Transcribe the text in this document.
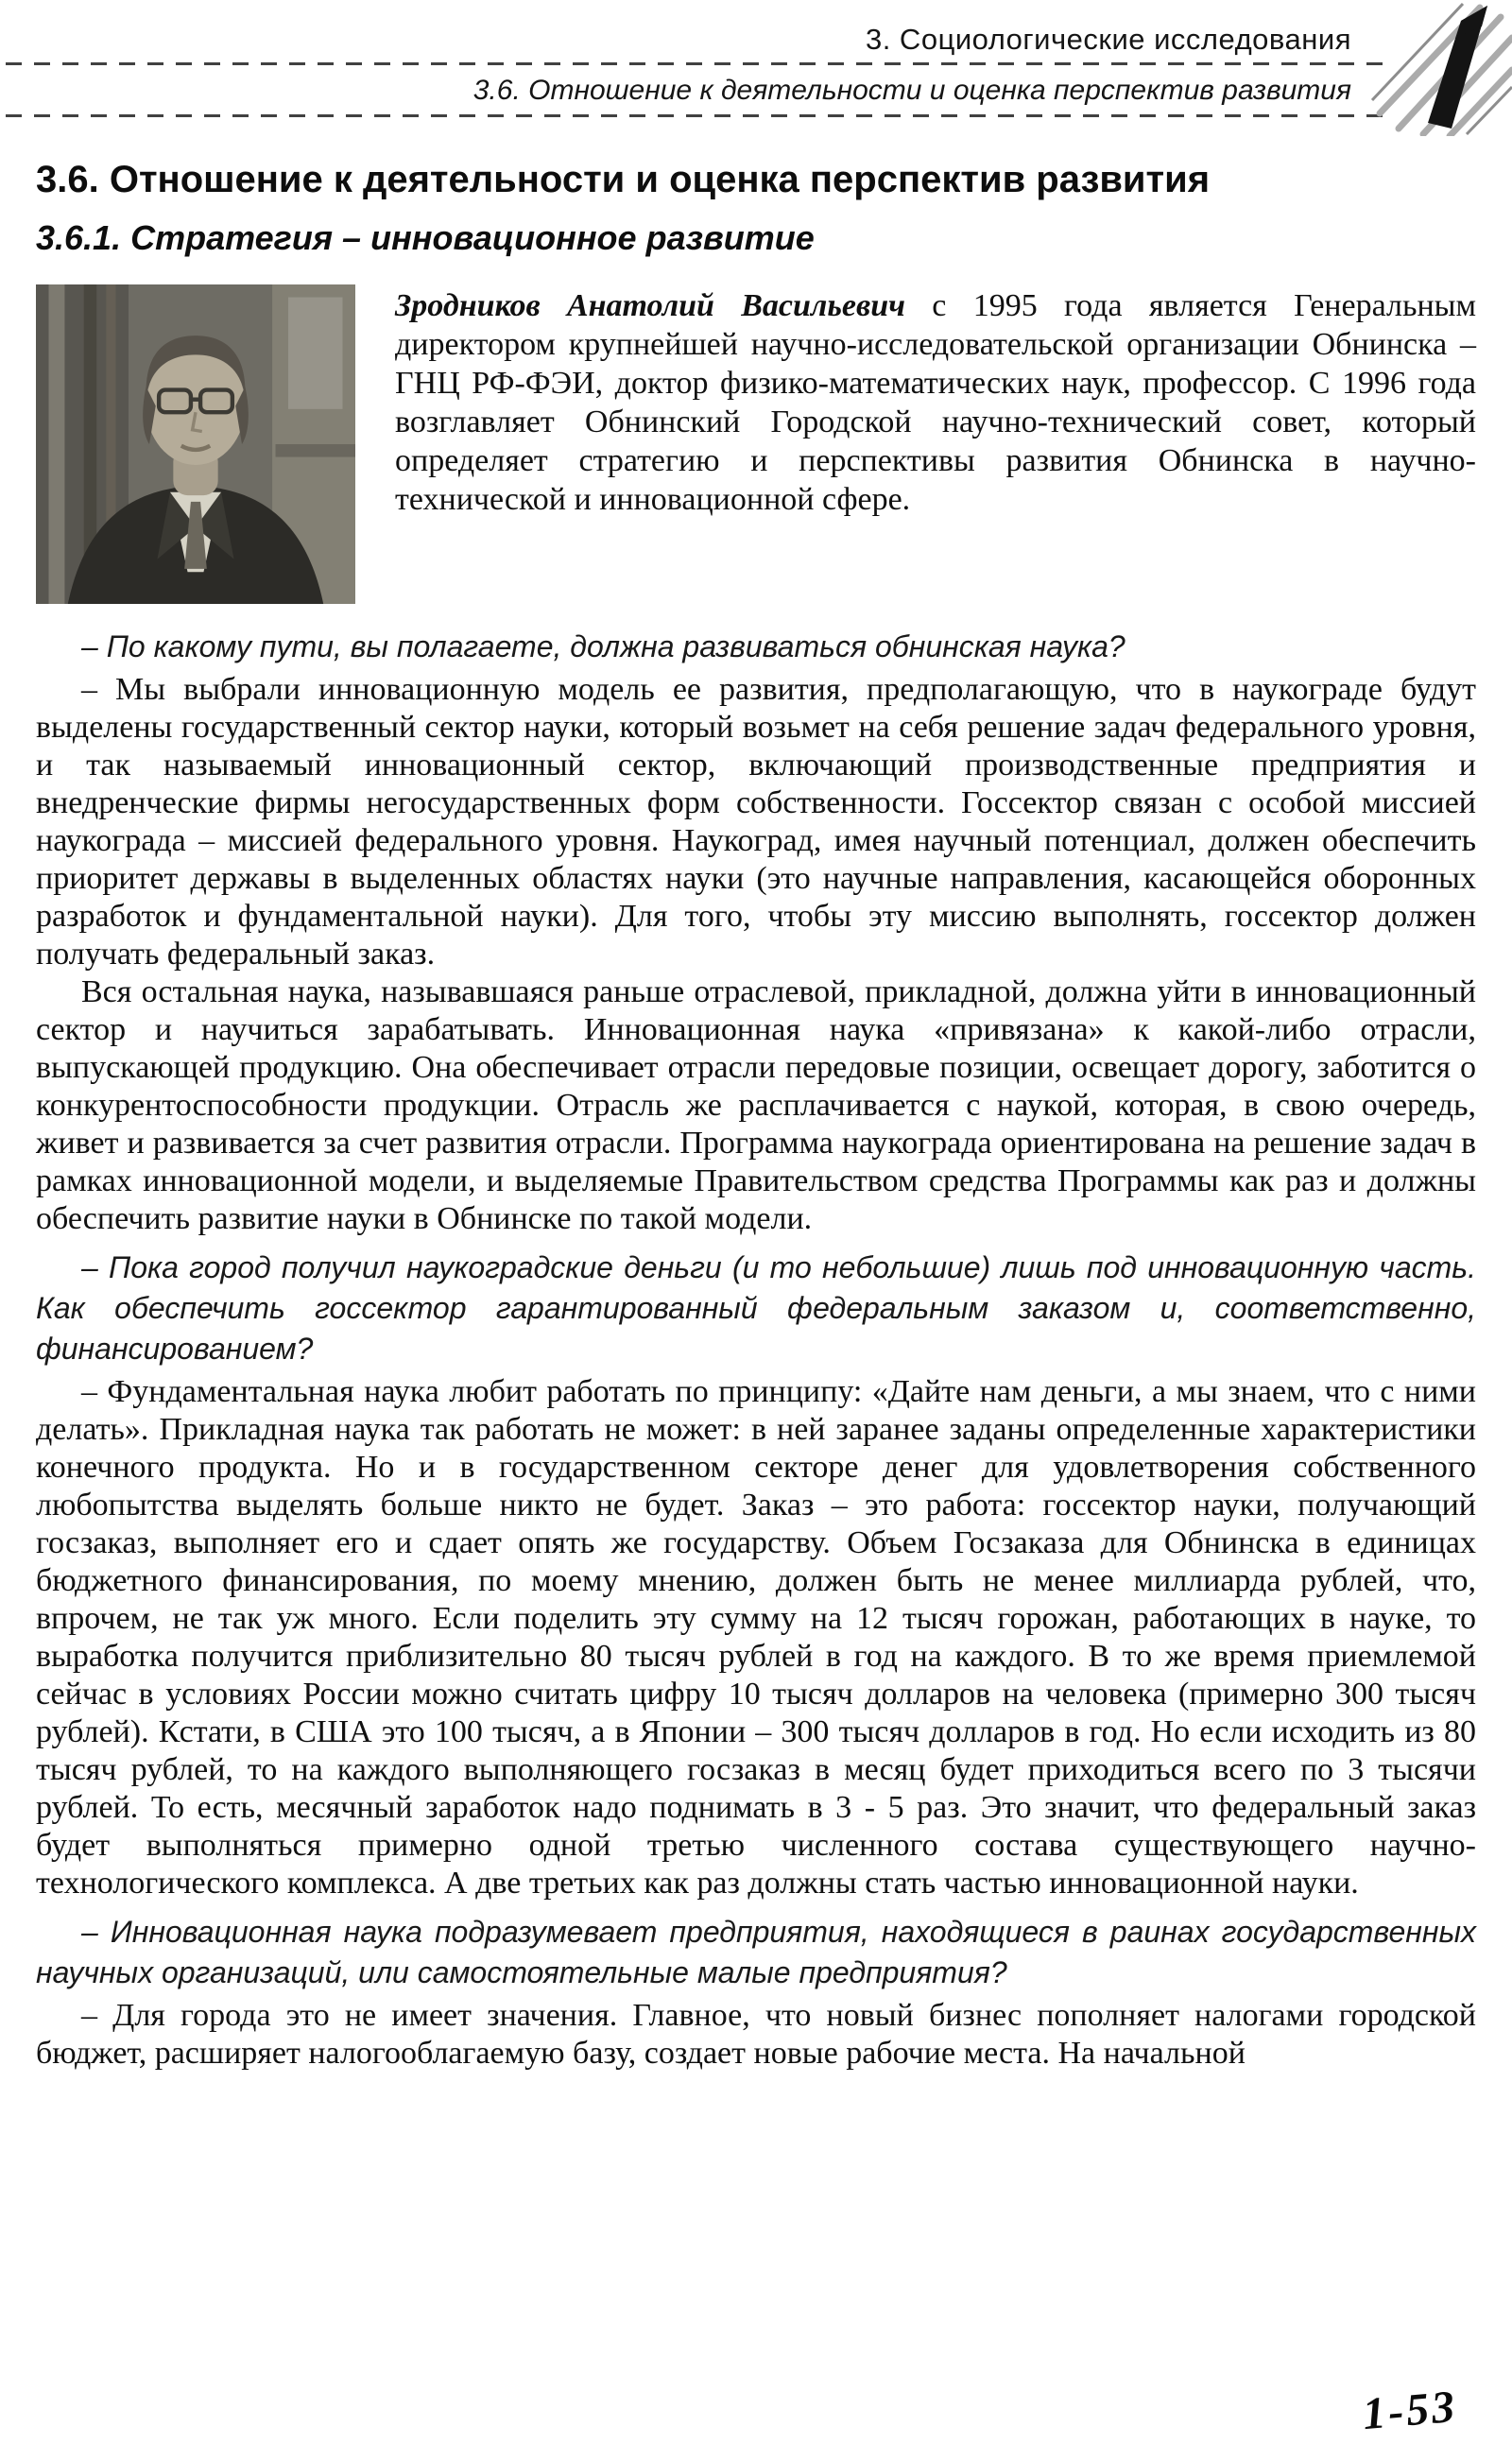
3. Социологические исследования
3.6. Отношение к деятельности и оценка перспектив развития
3.6. Отношение к деятельности и оценка перспектив развития
3.6.1. Стратегия – инновационное развитие

Зродников Анатолий Васильевич с 1995 года является Генеральным директором крупнейшей научно-исследовательской организации Обнинска – ГНЦ РФ-ФЭИ, доктор физико-математических наук, профессор. С 1996 года возглавляет Обнинский Городской научно-технический совет, который определяет стратегию и перспективы развития Обнинска в научно-технической и инновационной сфере.

– По какому пути, вы полагаете, должна развиваться обнинская наука?

– Мы выбрали инновационную модель ее развития, предполагающую, что в наукограде будут выделены государственный сектор науки, который возьмет на себя решение задач федерального уровня, и так называемый инновационный сектор, включающий производственные предприятия и внедренческие фирмы негосударственных форм собственности. Госсектор связан с особой миссией наукограда – миссией федерального уровня. Наукоград, имея научный потенциал, должен обеспечить приоритет державы в выделенных областях науки (это научные направления, касающейся оборонных разработок и фундаментальной науки). Для того, чтобы эту миссию выполнять, госсектор должен получать федеральный заказ.

Вся остальная наука, называвшаяся раньше отраслевой, прикладной, должна уйти в инновационный сектор и научиться зарабатывать. Инновационная наука «привязана» к какой-либо отрасли, выпускающей продукцию. Она обеспечивает отрасли передовые позиции, освещает дорогу, заботится о конкурентоспособности продукции. Отрасль же расплачивается с наукой, которая, в свою очередь, живет и развивается за счет развития отрасли. Программа наукограда ориентирована на решение задач в рамках инновационной модели, и выделяемые Правительством средства Программы как раз и должны обеспечить развитие науки в Обнинске по такой модели.

– Пока город получил наукоградские деньги (и то небольшие) лишь под инновационную часть. Как обеспечить госсектор гарантированный федеральным заказом и, соответственно, финансированием?

– Фундаментальная наука любит работать по принципу: «Дайте нам деньги, а мы знаем, что с ними делать». Прикладная наука так работать не может: в ней заранее заданы определенные характеристики конечного продукта. Но и в государственном секторе денег для удовлетворения собственного любопытства выделять больше никто не будет. Заказ – это работа: госсектор науки, получающий госзаказ, выполняет его и сдает опять же государству. Объем Госзаказа для Обнинска в единицах бюджетного финансирования, по моему мнению, должен быть не менее миллиарда рублей, что, впрочем, не так уж много. Если поделить эту сумму на 12 тысяч горожан, работающих в науке, то выработка получится приблизительно 80 тысяч рублей в год на каждого. В то же время приемлемой сейчас в условиях России можно считать цифру 10 тысяч долларов на человека (примерно 300 тысяч рублей). Кстати, в США это 100 тысяч, а в Японии – 300 тысяч долларов в год. Но если исходить из 80 тысяч рублей, то на каждого выполняющего госзаказ в месяц будет приходиться всего по 3 тысячи рублей. То есть, месячный заработок надо поднимать в 3 - 5 раз. Это значит, что федеральный заказ будет выполняться примерно одной третью численного состава существующего научно-технологического комплекса. А две третьих как раз должны стать частью инновационной науки.

– Инновационная наука подразумевает предприятия, находящиеся в раинах государственных научных организаций, или самостоятельные малые предприятия?

– Для города это не имеет значения. Главное, что новый бизнес пополняет налогами городской бюджет, расширяет налогооблагаемую базу, создает новые рабочие места. На начальной

1-53
